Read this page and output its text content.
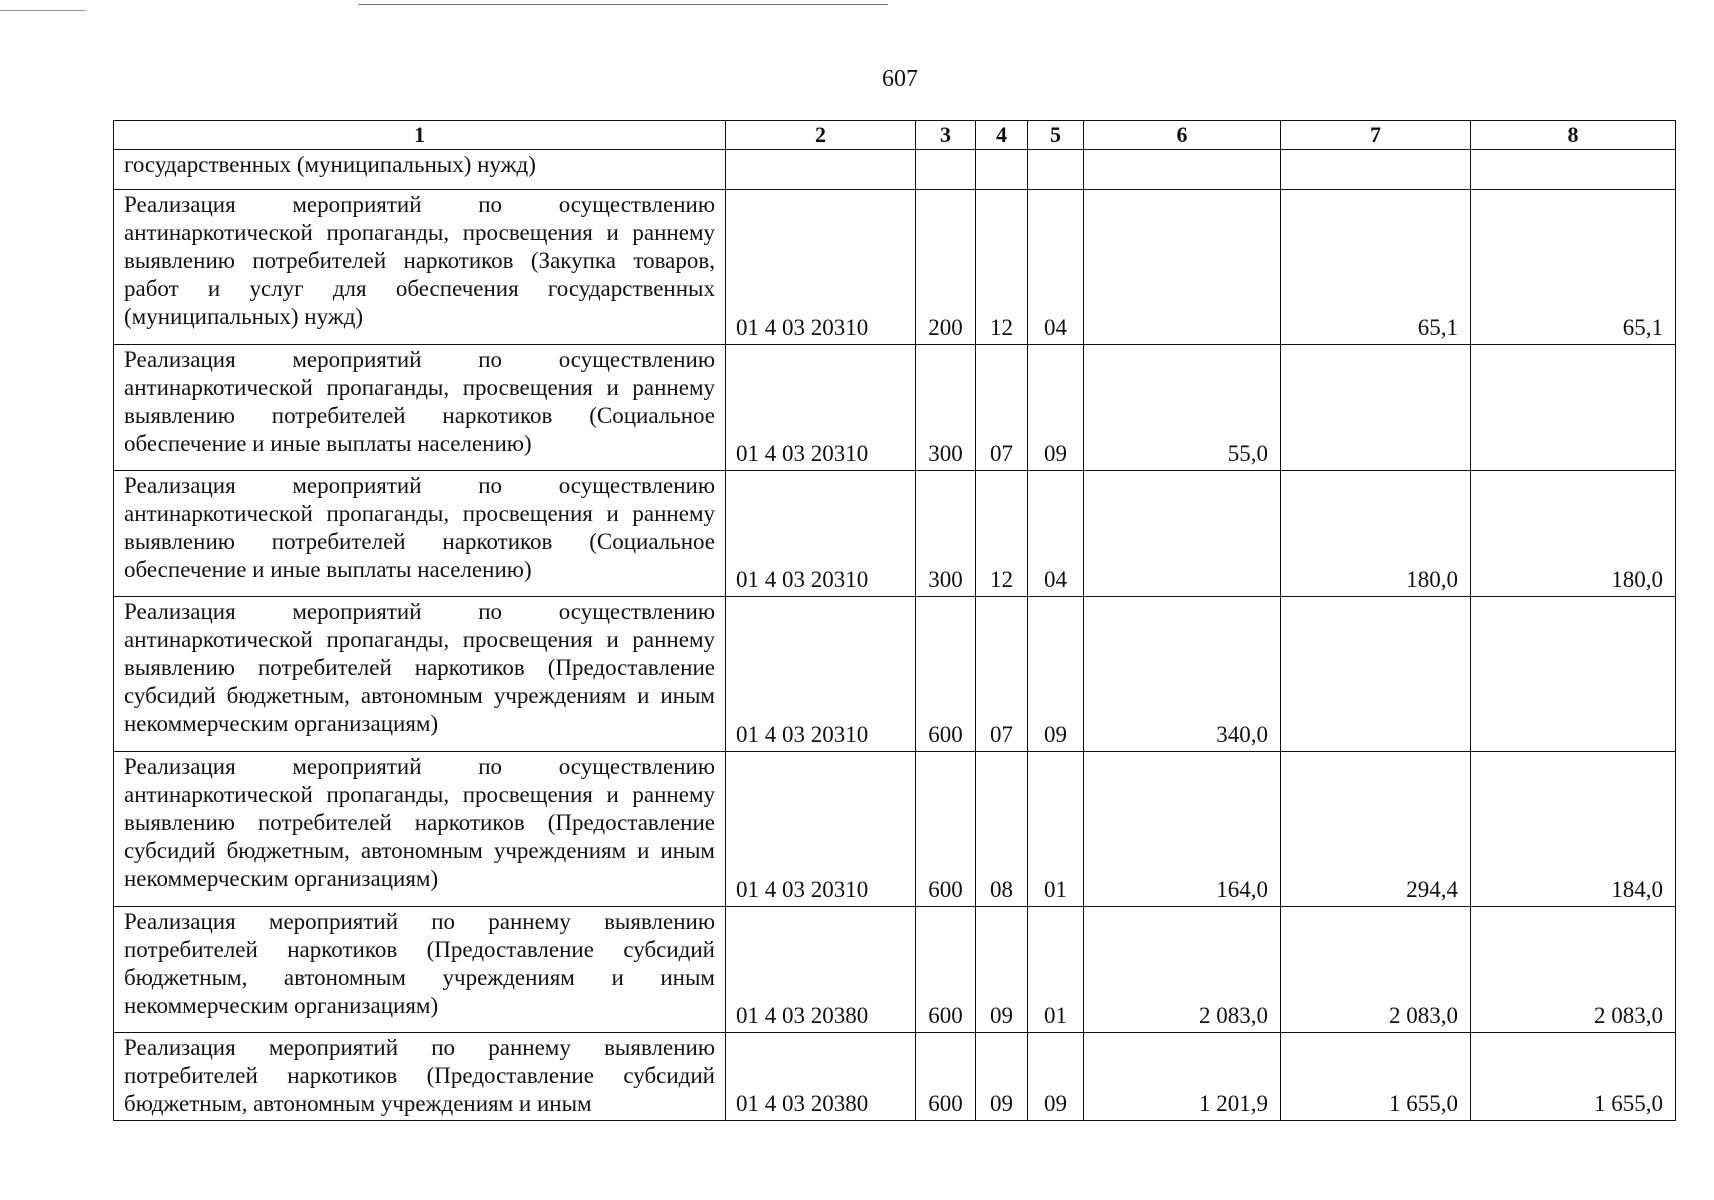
607
1	2	3	4	5	6	7	8
государственных (муниципальных) нужд)							
Реализация мероприятий по осуществлению антинаркотической пропаганды, просвещения и раннему выявлению потребителей наркотиков (Закупка товаров, работ и услуг для обеспечения государственных (муниципальных) нужд)	01 4 03 20310	200	12	04		65,1	65,1
Реализация мероприятий по осуществлению антинаркотической пропаганды, просвещения и раннему выявлению потребителей наркотиков (Социальное обеспечение и иные выплаты населению)	01 4 03 20310	300	07	09	55,0		
Реализация мероприятий по осуществлению антинаркотической пропаганды, просвещения и раннему выявлению потребителей наркотиков (Социальное обеспечение и иные выплаты населению)	01 4 03 20310	300	12	04		180,0	180,0
Реализация мероприятий по осуществлению антинаркотической пропаганды, просвещения и раннему выявлению потребителей наркотиков (Предоставление субсидий бюджетным, автономным учреждениям и иным некоммерческим организациям)	01 4 03 20310	600	07	09	340,0		
Реализация мероприятий по осуществлению антинаркотической пропаганды, просвещения и раннему выявлению потребителей наркотиков (Предоставление субсидий бюджетным, автономным учреждениям и иным некоммерческим организациям)	01 4 03 20310	600	08	01	164,0	294,4	184,0
Реализация мероприятий по раннему выявлению потребителей наркотиков (Предоставление субсидий бюджетным, автономным учреждениям и иным некоммерческим организациям)	01 4 03 20380	600	09	01	2 083,0	2 083,0	2 083,0
Реализация мероприятий по раннему выявлению потребителей наркотиков (Предоставление субсидий бюджетным, автономным учреждениям и иным	01 4 03 20380	600	09	09	1 201,9	1 655,0	1 655,0
